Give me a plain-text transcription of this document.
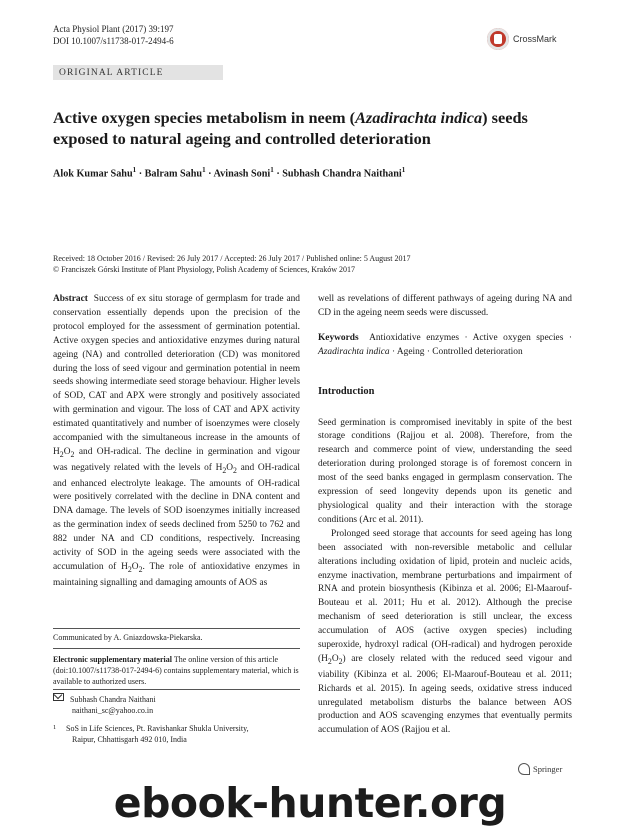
Acta Physiol Plant (2017) 39:197
DOI 10.1007/s11738-017-2494-6	CrossMark
ORIGINAL ARTICLE
Active oxygen species metabolism in neem (Azadirachta indica) seeds exposed to natural ageing and controlled deterioration
Alok Kumar Sahu$^1$ · Balram Sahu$^1$ · Avinash Soni$^1$ · Subhash Chandra Naithani$^1$
Received: 18 October 2016 / Revised: 26 July 2017 / Accepted: 26 July 2017 / Published online: 5 August 2017
© Franciszek Górski Institute of Plant Physiology, Polish Academy of Sciences, Kraków 2017

Abstract Success of ex situ storage of germplasm for trade and conservation essentially depends upon the precision of the protocol employed for the assessment of germination potential. Active oxygen species and antioxidative enzymes during natural ageing (NA) and controlled deterioration (CD) was monitored during the loss of seed vigour and germination potential in neem seeds showing intermediate seed storage behaviour. Higher levels of SOD, CAT and APX were strongly and positively associated with germination and vigour. The loss of CAT and APX activity estimated quantitatively and number of isoenzymes were closely accompanied with the simultaneous increase in the amounts of $H_2O_2$ and OH-radical. The decline in germination and vigour was negatively related with the levels of $H_2O_2$ and OH-radical and enhanced electrolyte leakage. The amounts of OH-radical were positively correlated with the decline in DNA content and DNA damage. The levels of SOD isoenzymes initially increased as the germination index of seeds declined from 5250 to 762 and 882 under NA and CD conditions, respectively. Increasing activity of SOD in the ageing seeds were associated with the accumulation of $H_2O_2$. The role of antioxidative enzymes in maintaining signalling and damaging amounts of AOS as

well as revelations of different pathways of ageing during NA and CD in the ageing neem seeds were discussed.

Keywords Antioxidative enzymes · Active oxygen species · Azadirachta indica · Ageing · Controlled deterioration

Introduction

Seed germination is compromised inevitably in spite of the best storage conditions (Rajjou et al. 2008). Therefore, from the research and commerce point of view, understanding the seed deterioration during prolonged storage is of foremost concern in most of the seed banks engaged in germplasm conservation. The expression of seed longevity depends upon its genetic and physiological quality and their interaction with the storage conditions (Arc et al. 2011).

Prolonged seed storage that accounts for seed ageing has long been associated with non-reversible metabolic and cellular alterations including oxidation of lipid, protein and nucleic acids, enzyme inactivation, membrane perturbations and impairment of RNA and protein biosynthesis (Kibinza et al. 2006; El-Maarouf-Bouteau et al. 2011; Hu et al. 2012). Although the precise mechanism of seed deterioration is still unclear, the excess accumulation of AOS (active oxygen species) including superoxide, hydroxyl radical (OH-radical) and hydrogen peroxide $(H_2O_2)$ are closely related with the reduced seed vigour and viability (Kibinza et al. 2006; El-Maarouf-Bouteau et al. 2011; Richards et al. 2015). In ageing seeds, oxidative stress induced unregulated metabolism disturbs the balance between AOS production and AOS scavenging enzymes that eventually permits accumulation of AOS (Rajjou et al.

Communicated by A. Gniazdowska-Piekarska.
Electronic supplementary material The online version of this article (doi:10.1007/s11738-017-2494-6) contains supplementary material, which is available to authorized users.
Subhash Chandra Naithani
naithani_sc@yahoo.co.in
1 SoS in Life Sciences, Pt. Ravishankar Shukla University,
Raipur, Chhattisgarh 492 010, India
Springer
ebook-hunter.org
